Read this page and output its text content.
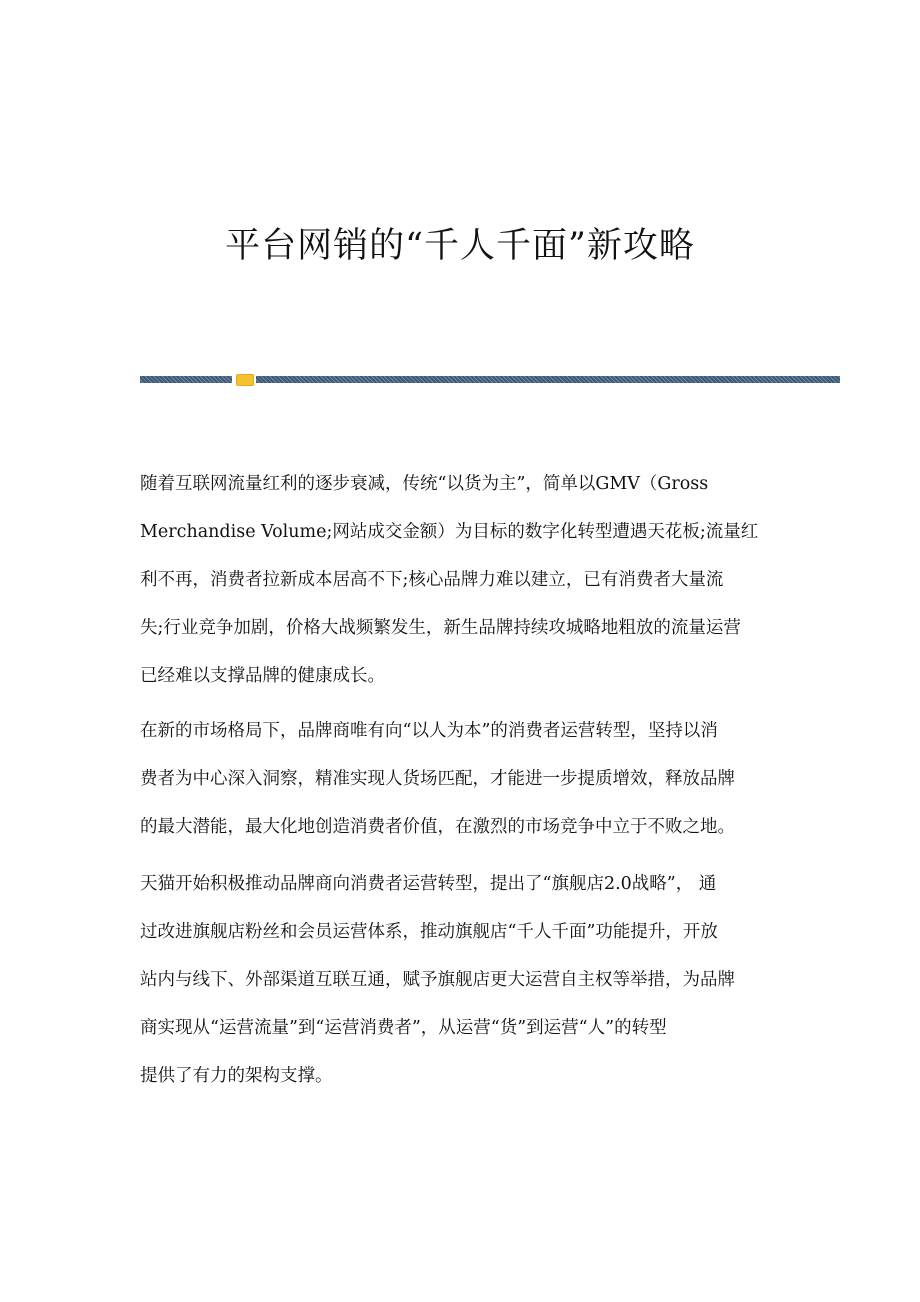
平台网销的“千人千面”新攻略
随着互联网流量红利的逐步衰减，传统“以货为主”，简单以GMV（Gross
Merchandise Volume;网站成交金额）为目标的数字化转型遭遇天花板;流量红
利不再，消费者拉新成本居高不下;核心品牌力难以建立，已有消费者大量流
失;行业竞争加剧，价格大战频繁发生，新生品牌持续攻城略地粗放的流量运营
已经难以支撑品牌的健康成长。
在新的市场格局下，品牌商唯有向“以人为本”的消费者运营转型，坚持以消
费者为中心深入洞察，精准实现人货场匹配，才能进一步提质增效，释放品牌
的最大潜能，最大化地创造消费者价值，在激烈的市场竞争中立于不败之地。
天猫开始积极推动品牌商向消费者运营转型，提出了“旗舰店2.0战略”， 通
过改进旗舰店粉丝和会员运营体系，推动旗舰店“千人千面”功能提升，开放
站内与线下、外部渠道互联互通，赋予旗舰店更大运营自主权等举措，为品牌
商实现从“运营流量”到“运营消费者”，从运营“货”到运营“人”的转型
提供了有力的架构支撑。
